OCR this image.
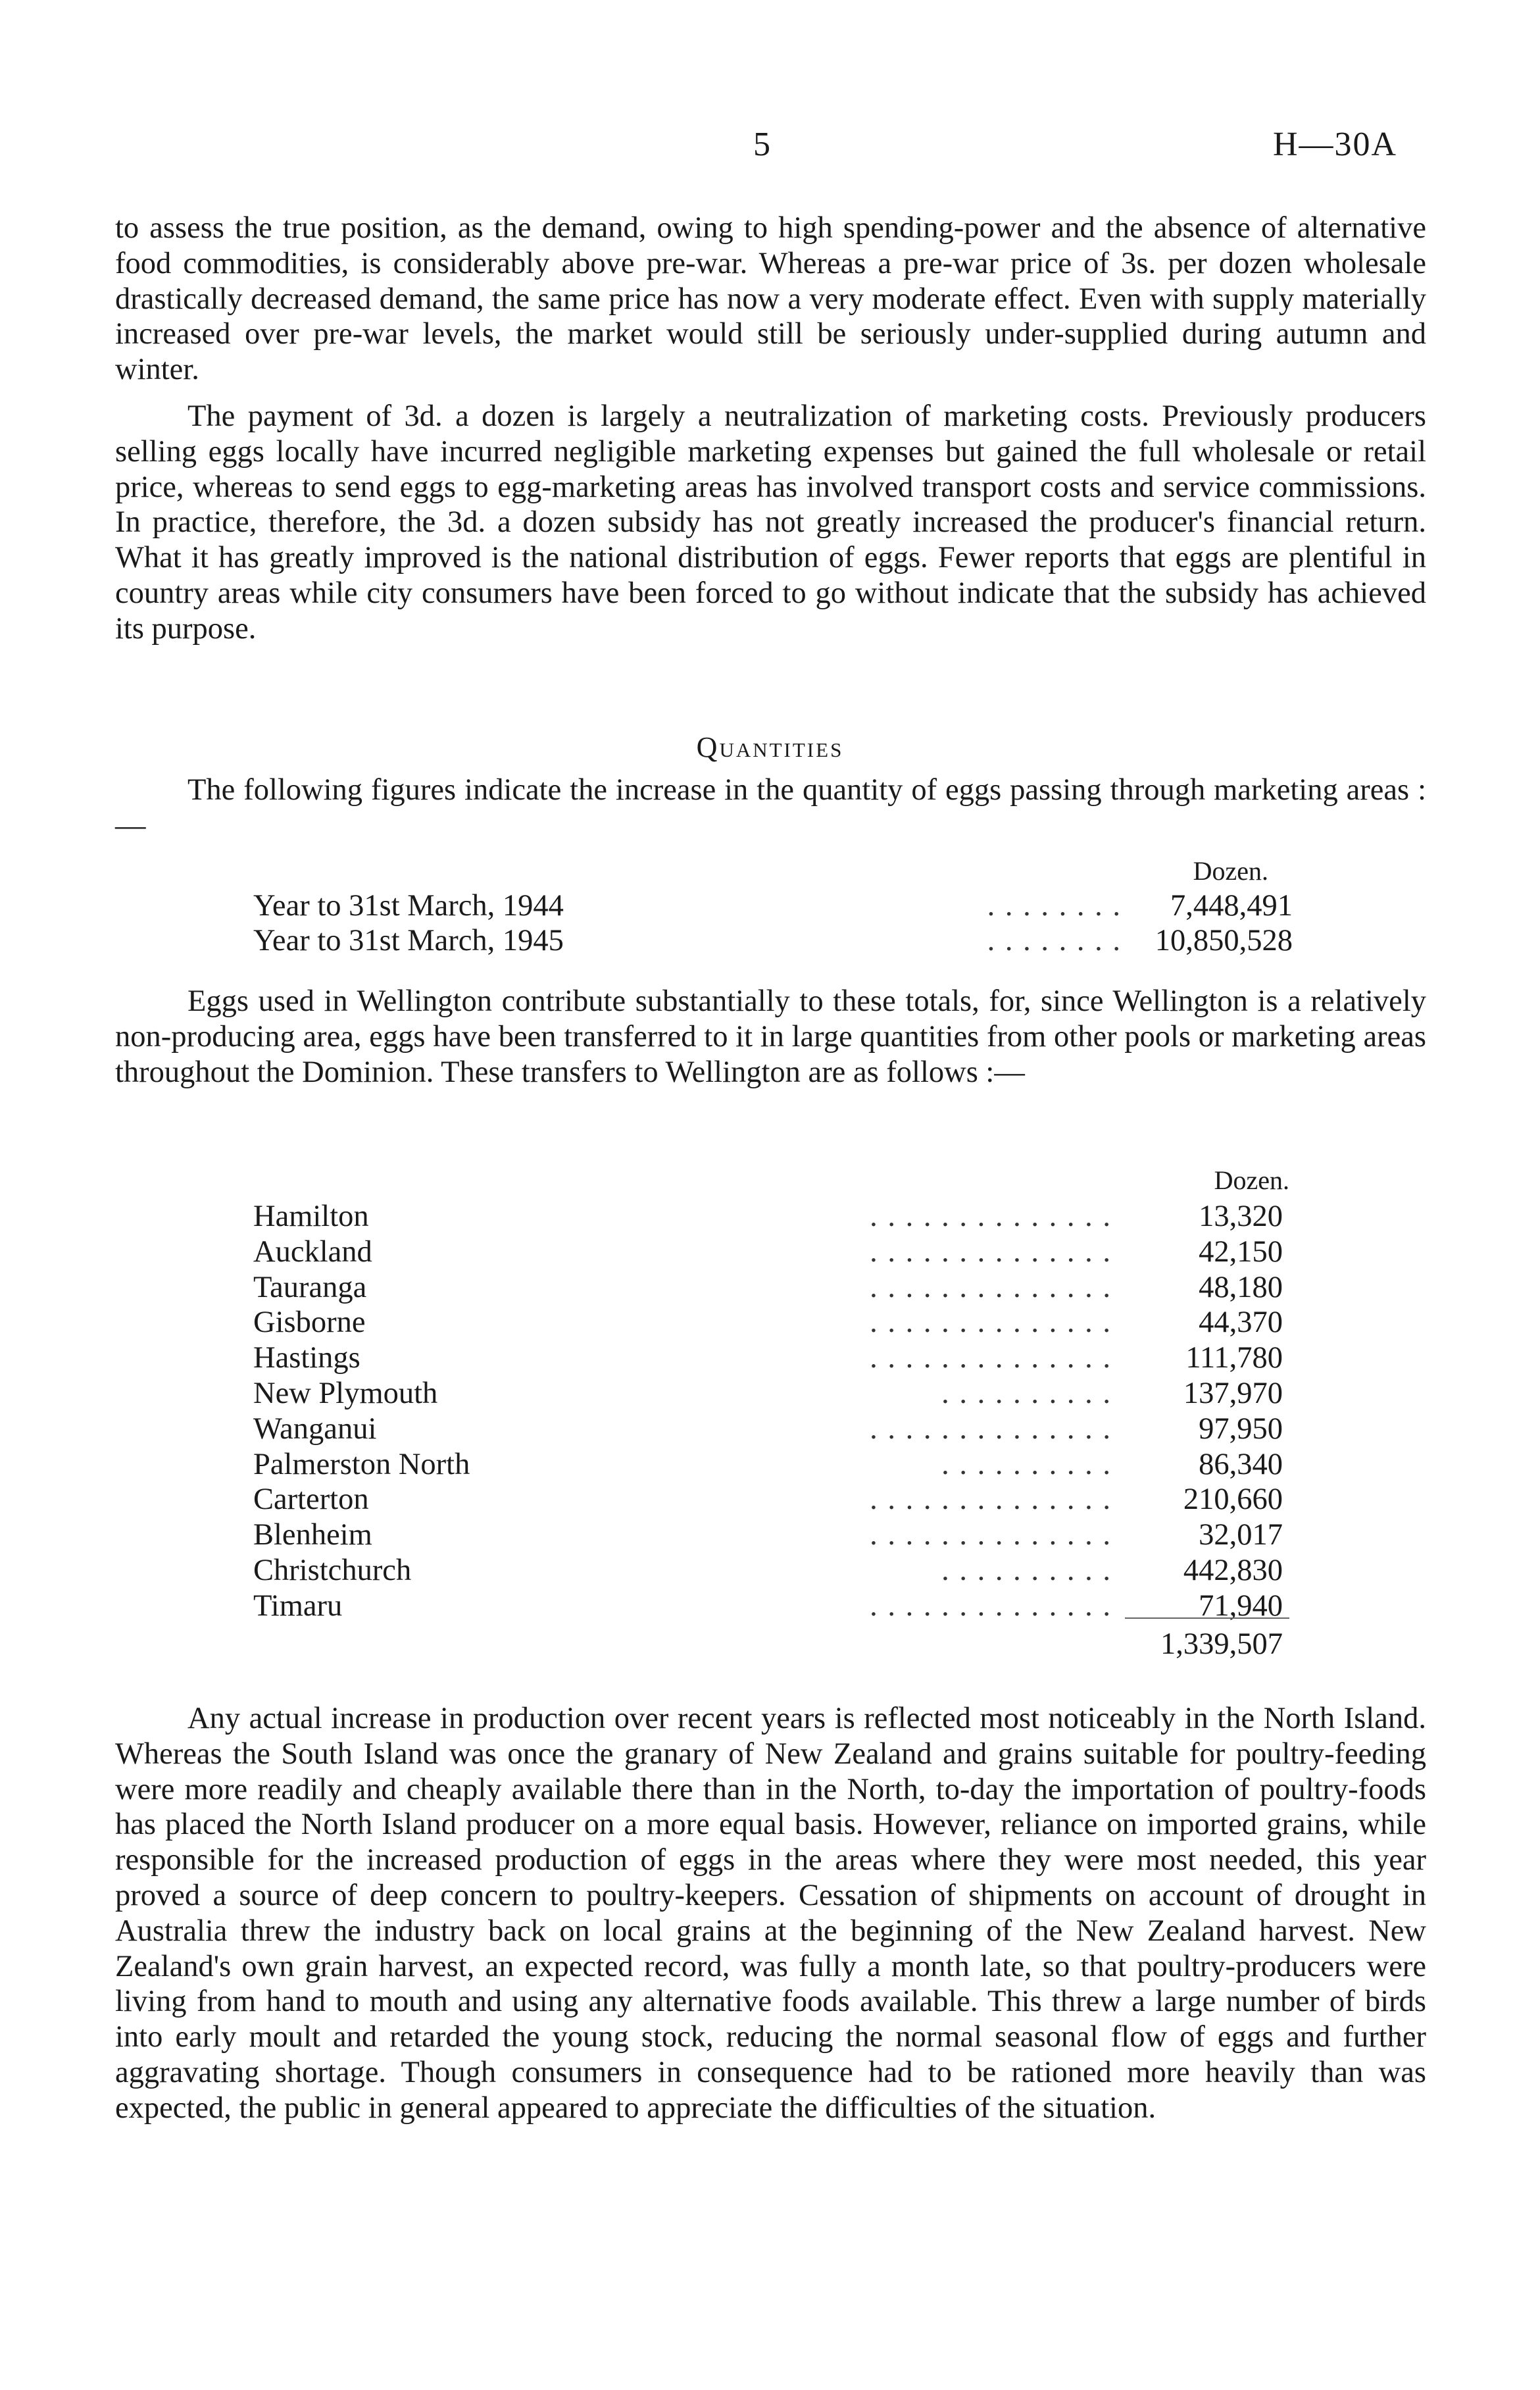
5	H—30A

to assess the true position, as the demand, owing to high spending-power and the absence of alternative food commodities, is considerably above pre-war. Whereas a pre-war price of 3s. per dozen wholesale drastically decreased demand, the same price has now a very moderate effect. Even with supply materially increased over pre-war levels, the market would still be seriously under-supplied during autumn and winter.

The payment of 3d. a dozen is largely a neutralization of marketing costs. Previously producers selling eggs locally have incurred negligible marketing expenses but gained the full wholesale or retail price, whereas to send eggs to egg-marketing areas has involved transport costs and service commissions. In practice, therefore, the 3d. a dozen subsidy has not greatly increased the producer's financial return. What it has greatly improved is the national distribution of eggs. Fewer reports that eggs are plentiful in country areas while city consumers have been forced to go without indicate that the subsidy has achieved its purpose.

Quantities

The following figures indicate the increase in the quantity of eggs passing through marketing areas :—

Dozen.
Year to 31st March, 1944	. . . . . . . . 7,448,491
Year to 31st March, 1945	. . . . . . . . 10,850,528

Eggs used in Wellington contribute substantially to these totals, for, since Wellington is a relatively non-producing area, eggs have been transferred to it in large quantities from other pools or marketing areas throughout the Dominion. These transfers to Wellington are as follows :—

Dozen.
Hamilton	. . . . . . . . . . . . . .	13,320
Auckland	. . . . . . . . . . . . . .	42,150
Tauranga	. . . . . . . . . . . . . .	48,180
Gisborne	. . . . . . . . . . . . . .	44,370
Hastings	. . . . . . . . . . . . . . 111,780
New Plymouth	. . . . . . . . . . 137,970
Wanganui	. . . . . . . . . . . . . .	97,950
Palmerston North	. . . . . . . . . .	86,340
Carterton	. . . . . . . . . . . . . . 210,660
Blenheim	. . . . . . . . . . . . . .	32,017
Christchurch	. . . . . . . . . . 442,830
Timaru	. . . . . . . . . . . . . .	71,940
1,339,507

Any actual increase in production over recent years is reflected most noticeably in the North Island. Whereas the South Island was once the granary of New Zealand and grains suitable for poultry-feeding were more readily and cheaply available there than in the North, to-day the importation of poultry-foods has placed the North Island producer on a more equal basis. However, reliance on imported grains, while responsible for the increased production of eggs in the areas where they were most needed, this year proved a source of deep concern to poultry-keepers. Cessation of shipments on account of drought in Australia threw the industry back on local grains at the beginning of the New Zealand harvest. New Zealand's own grain harvest, an expected record, was fully a month late, so that poultry-producers were living from hand to mouth and using any alternative foods available. This threw a large number of birds into early moult and retarded the young stock, reducing the normal seasonal flow of eggs and further aggravating shortage. Though consumers in consequence had to be rationed more heavily than was expected, the public in general appeared to appreciate the difficulties of the situation.
